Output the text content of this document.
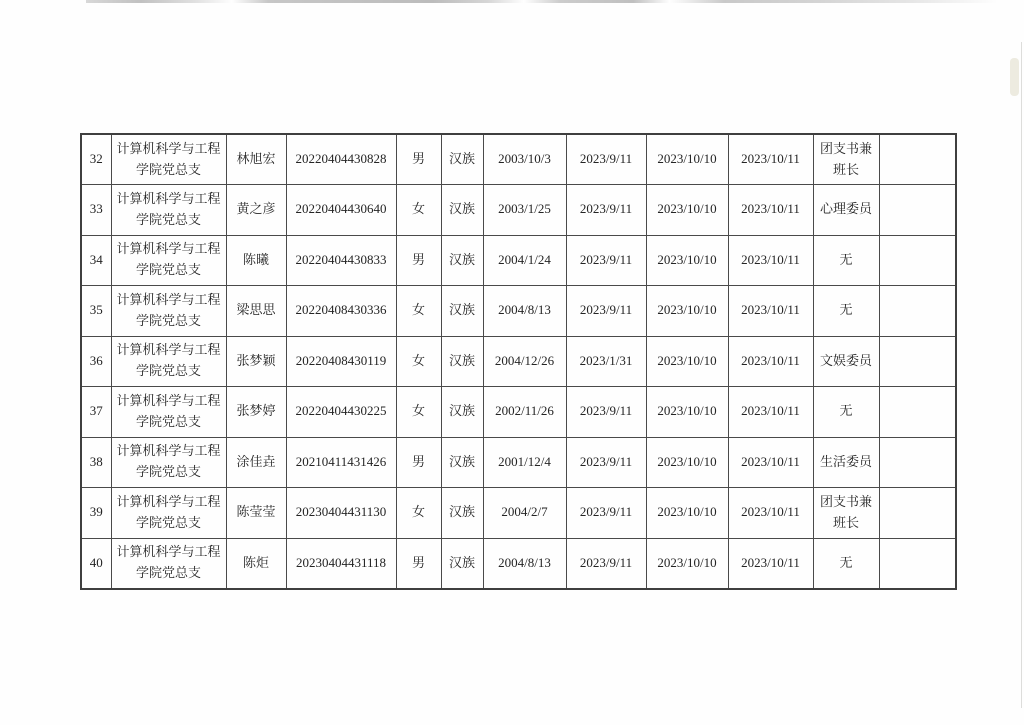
32	计算机科学与工程学院党总支	林旭宏	20220404430828	男	汉族	2003/10/3	2023/9/11	2023/10/10	2023/10/11	团支书兼班长	
33	计算机科学与工程学院党总支	黄之彦	20220404430640	女	汉族	2003/1/25	2023/9/11	2023/10/10	2023/10/11	心理委员	
34	计算机科学与工程学院党总支	陈曦	20220404430833	男	汉族	2004/1/24	2023/9/11	2023/10/10	2023/10/11	无	
35	计算机科学与工程学院党总支	梁思思	20220408430336	女	汉族	2004/8/13	2023/9/11	2023/10/10	2023/10/11	无	
36	计算机科学与工程学院党总支	张梦颖	20220408430119	女	汉族	2004/12/26	2023/1/31	2023/10/10	2023/10/11	文娱委员	
37	计算机科学与工程学院党总支	张梦婷	20220404430225	女	汉族	2002/11/26	2023/9/11	2023/10/10	2023/10/11	无	
38	计算机科学与工程学院党总支	涂佳垚	20210411431426	男	汉族	2001/12/4	2023/9/11	2023/10/10	2023/10/11	生活委员	
39	计算机科学与工程学院党总支	陈莹莹	20230404431130	女	汉族	2004/2/7	2023/9/11	2023/10/10	2023/10/11	团支书兼班长	
40	计算机科学与工程学院党总支	陈炬	20230404431118	男	汉族	2004/8/13	2023/9/11	2023/10/10	2023/10/11	无	
